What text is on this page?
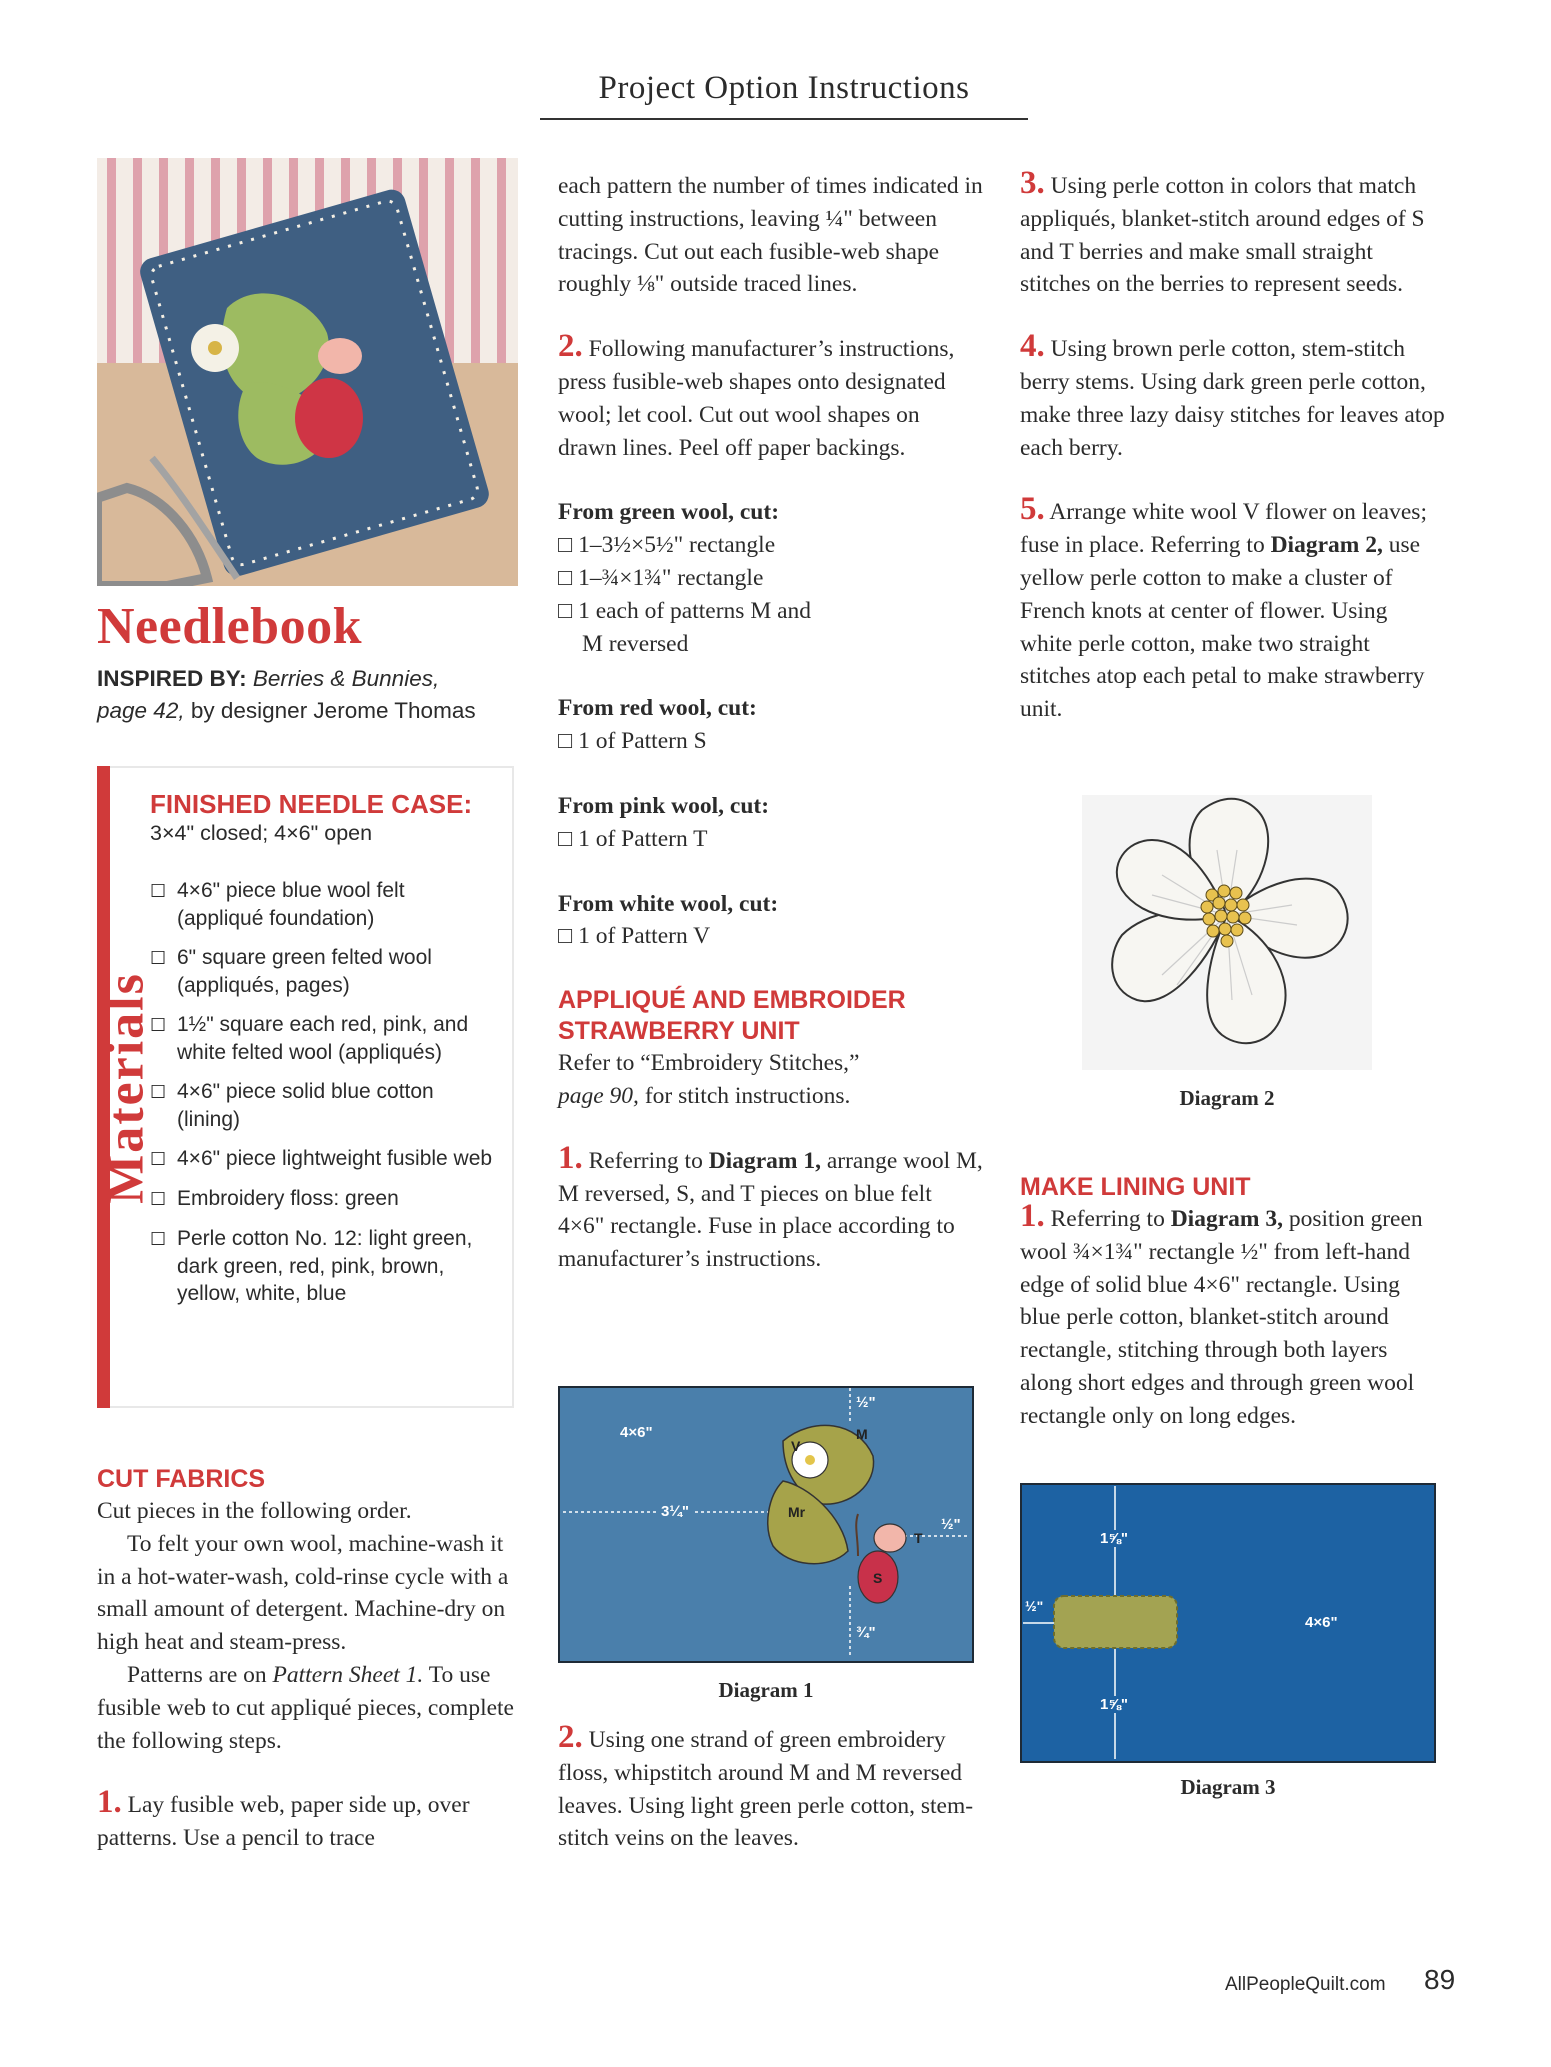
Project Option Instructions
Needlebook
INSPIRED BY: Berries & Bunnies,
page 42, by designer Jerome Thomas
Materials
FINISHED NEEDLE CASE:
3×4" closed; 4×6" open
☐ 4×6" piece blue wool felt (appliqué foundation)
☐ 6" square green felted wool (appliqués, pages)
☐ 1½" square each red, pink, and white felted wool (appliqués)
☐ 4×6" piece solid blue cotton (lining)
☐ 4×6" piece lightweight fusible web
☐ Embroidery floss: green
☐ Perle cotton No. 12: light green, dark green, red, pink, brown, yellow, white, blue

CUT FABRICS

Cut pieces in the following order.

To felt your own wool, machine-wash it in a hot-water-wash, cold-rinse cycle with a small amount of detergent. Machine-dry on high heat and steam-press.

Patterns are on Pattern Sheet 1. To use fusible web to cut appliqué pieces, complete the following steps.

1. Lay fusible web, paper side up, over patterns. Use a pencil to trace

each pattern the number of times indicated in cutting instructions, leaving ¼" between tracings. Cut out each fusible-web shape roughly ⅛" outside traced lines.

2. Following manufacturer’s instructions, press fusible-web shapes onto designated wool; let cool. Cut out wool shapes on drawn lines. Peel off paper backings.

From green wool, cut:

□ 1–3½×5½" rectangle

□ 1–¾×1¾" rectangle

□ 1 each of patterns M and

M reversed

From red wool, cut:

□ 1 of Pattern S

From pink wool, cut:

□ 1 of Pattern T

From white wool, cut:

□ 1 of Pattern V

APPLIQUÉ AND EMBROIDER

STRAWBERRY UNIT

Refer to “Embroidery Stitches,”
page 90, for stitch instructions.

1. Referring to Diagram 1, arrange wool M, M reversed, S, and T pieces on blue felt 4×6" rectangle. Fuse in place according to manufacturer’s instructions.

4×6"
3¼"
½"
½"
¾"
V
M
Mr
T
S
Diagram 1

2. Using one strand of green embroidery floss, whipstitch around M and M reversed leaves. Using light green perle cotton, stem-stitch veins on the leaves.

3. Using perle cotton in colors that match appliqués, blanket-stitch around edges of S and T berries and make small straight stitches on the berries to represent seeds.

4. Using brown perle cotton, stem-stitch berry stems. Using dark green perle cotton, make three lazy daisy stitches for leaves atop each berry.

5. Arrange white wool V flower on leaves; fuse in place. Referring to Diagram 2, use yellow perle cotton to make a cluster of French knots at center of flower. Using white perle cotton, make two straight stitches atop each petal to make strawberry unit.

Diagram 2

MAKE LINING UNIT

1. Referring to Diagram 3, position green wool ¾×1¾" rectangle ½" from left-hand edge of solid blue 4×6" rectangle. Using blue perle cotton, blanket-stitch around rectangle, stitching through both layers along short edges and through green wool rectangle only on long edges.

1⅝"
1⅝"
½"
4×6"
Diagram 3
AllPeopleQuilt.com 89
